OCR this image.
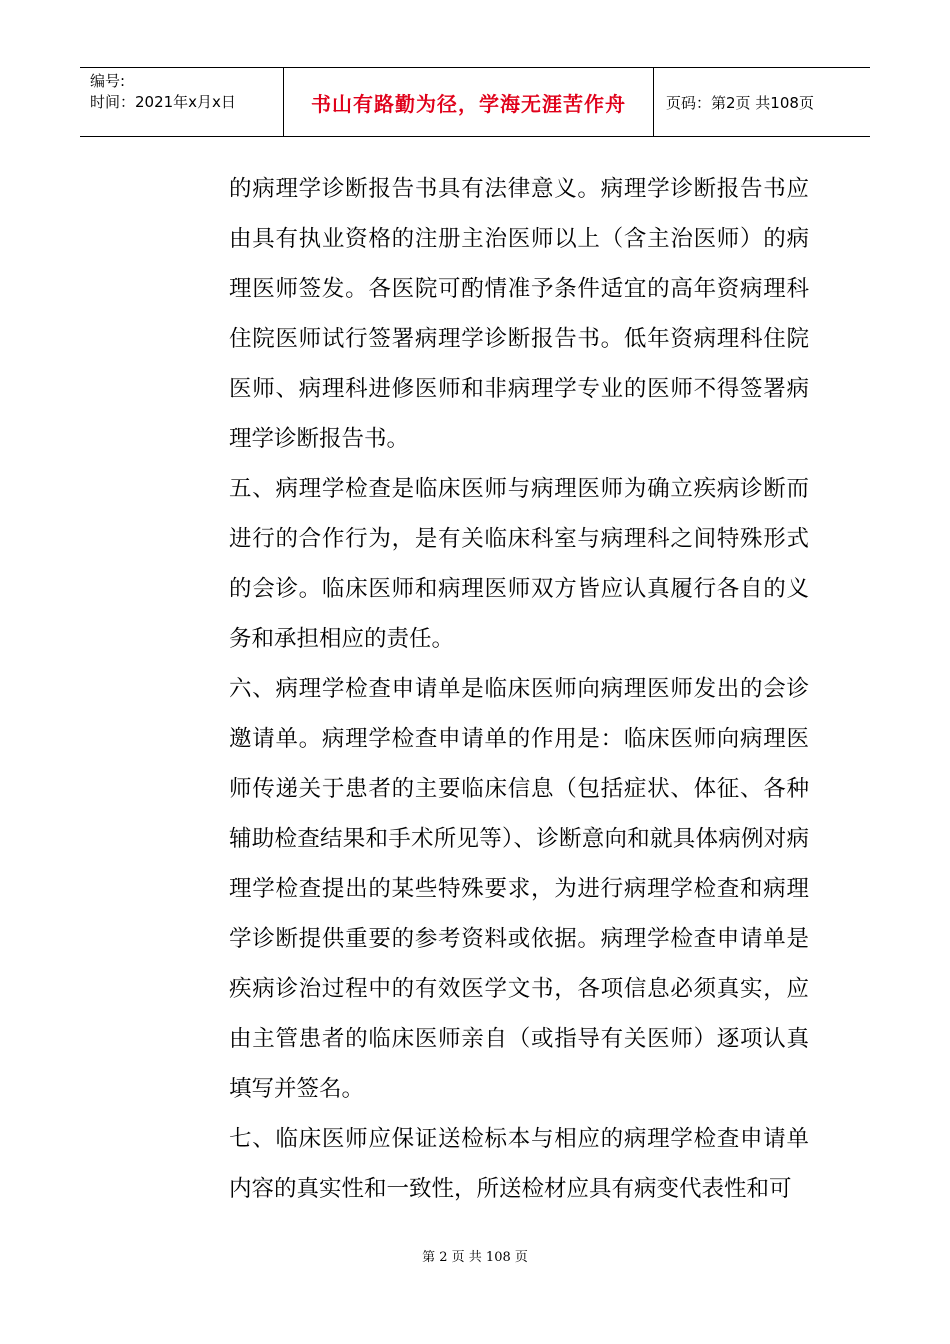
编号:
时间：2021年x月x日	书山有路勤为径，学海无涯苦作舟	页码：第2页 共108页

的病理学诊断报告书具有法律意义。病理学诊断报告书应由具有执业资格的注册主治医师以上（含主治医师）的病理医师签发。各医院可酌情准予条件适宜的高年资病理科住院医师试行签署病理学诊断报告书。低年资病理科住院医师、病理科进修医师和非病理学专业的医师不得签署病理学诊断报告书。

五、病理学检查是临床医师与病理医师为确立疾病诊断而进行的合作行为，是有关临床科室与病理科之间特殊形式的会诊。临床医师和病理医师双方皆应认真履行各自的义务和承担相应的责任。

六、病理学检查申请单是临床医师向病理医师发出的会诊邀请单。病理学检查申请单的作用是：临床医师向病理医师传递关于患者的主要临床信息（包括症状、体征、各种辅助检查结果和手术所见等）、诊断意向和就具体病例对病理学检查提出的某些特殊要求，为进行病理学检查和病理学诊断提供重要的参考资料或依据。病理学检查申请单是疾病诊治过程中的有效医学文书，各项信息必须真实，应由主管患者的临床医师亲自（或指导有关医师）逐项认真填写并签名。

七、临床医师应保证送检标本与相应的病理学检查申请单内容的真实性和一致性，所送检材应具有病变代表性和可

第 2 页 共 108 页
